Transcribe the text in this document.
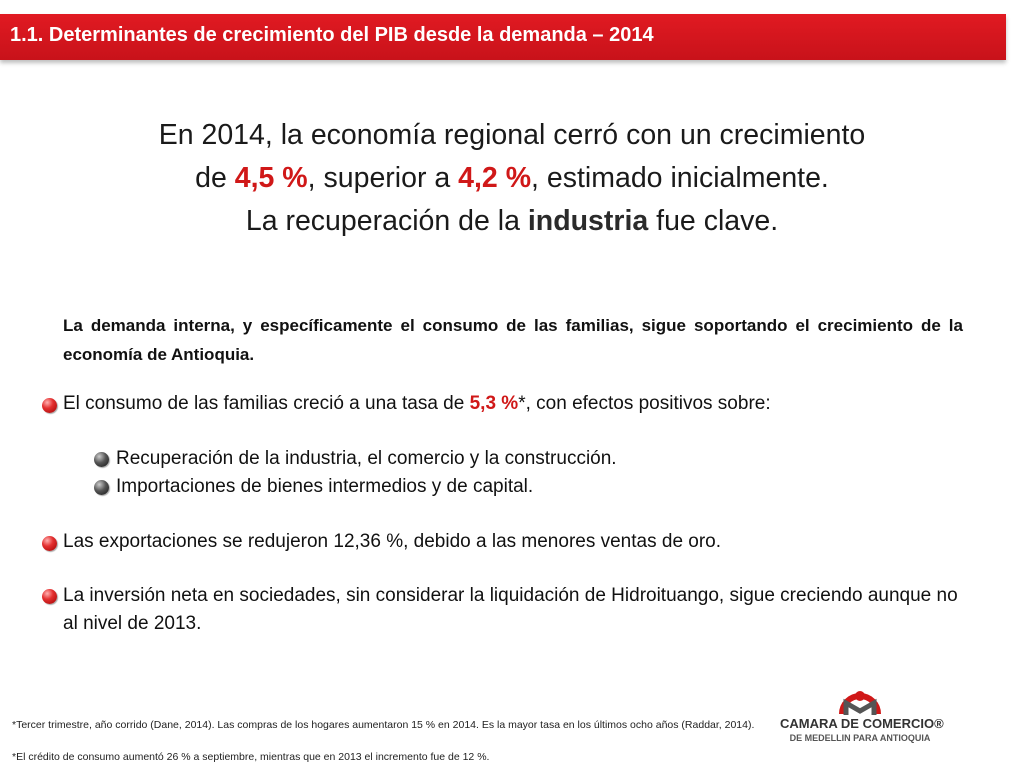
1.1. Determinantes de crecimiento del PIB desde la demanda – 2014
En 2014, la economía regional cerró con un crecimiento
de 4,5 %, superior a 4,2 %, estimado inicialmente.
La recuperación de la industria fue clave.
La demanda interna, y específicamente el consumo de las familias, sigue soportando el crecimiento de la economía de Antioquia.
El consumo de las familias creció a una tasa de 5,3 %*, con efectos positivos sobre:
Recuperación de la industria, el comercio y la construcción.
Importaciones de bienes intermedios y de capital.
Las exportaciones se redujeron 12,36 %, debido a las menores ventas de oro.
La inversión neta en sociedades, sin considerar la liquidación de Hidroituango, sigue creciendo aunque no al nivel de 2013.
*Tercer trimestre, año corrido (Dane, 2014). Las compras de los hogares aumentaron 15 % en 2014. Es la mayor tasa en los últimos ocho años (Raddar, 2014).
*El crédito de consumo aumentó 26 % a septiembre, mientras que en 2013 el incremento fue de 12 %.
CAMARA DE COMERCIO®
DE MEDELLIN PARA ANTIOQUIA
